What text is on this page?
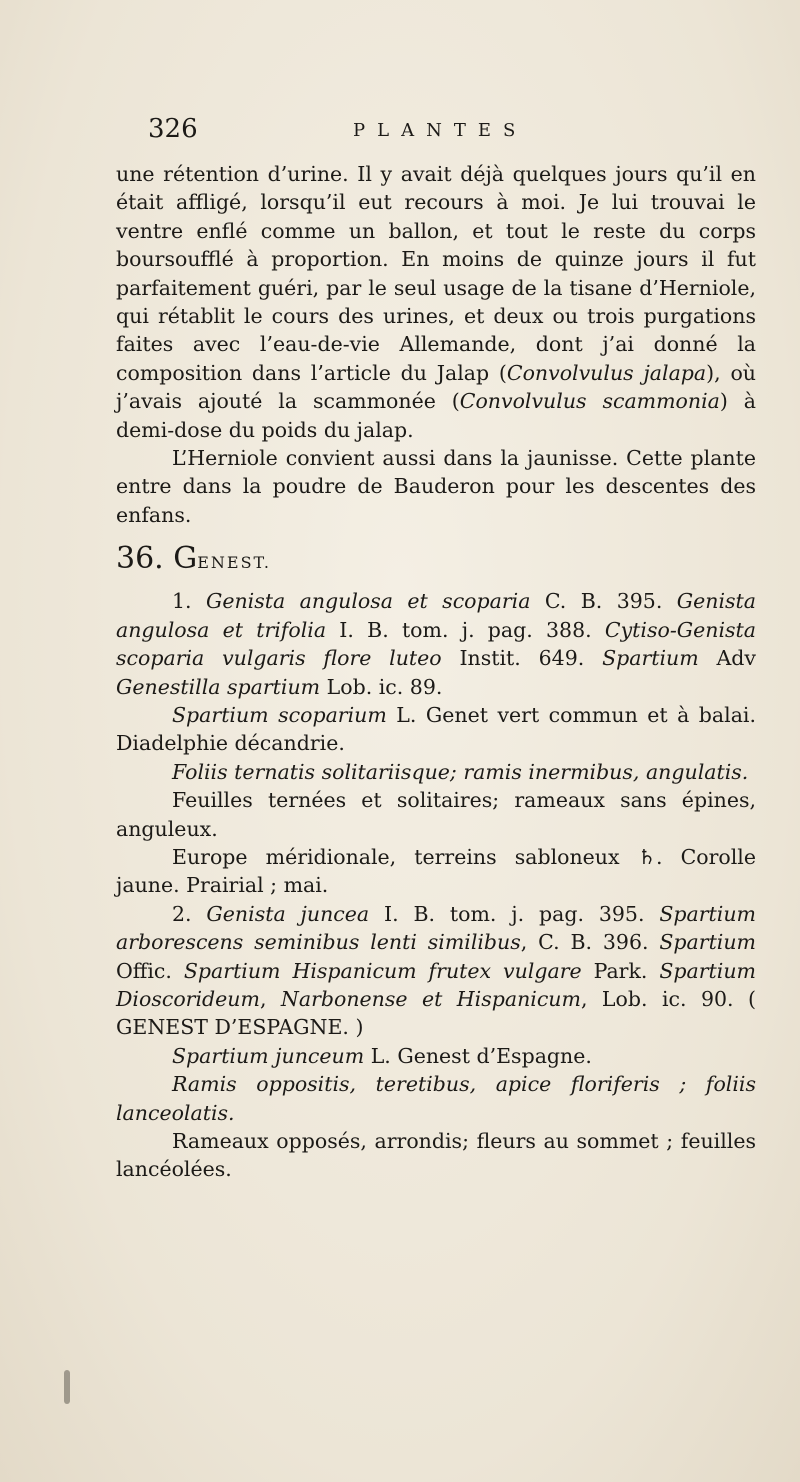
326	PLANTES

une rétention d’urine. Il y avait déjà quelques jours qu’il en était affligé, lorsqu’il eut recours à moi. Je lui trouvai le ventre enflé comme un ballon, et tout le reste du corps boursoufflé à proportion. En moins de quinze jours il fut parfaitement guéri, par le seul usage de la tisane d’Herniole, qui rétablit le cours des urines, et deux ou trois purgations faites avec l’eau-de-vie Allemande, dont j’ai donné la composition dans l’article du Jalap (Convolvulus jalapa), où j’avais ajouté la scammonée (Convolvulus scammonia) à demi-dose du poids du jalap.

L’Herniole convient aussi dans la jaunisse. Cette plante entre dans la poudre de Bauderon pour les descentes des enfans.

36. GENEST.

1. Genista angulosa et scoparia C. B. 395. Genista angulosa et trifolia I. B. tom. j. pag. 388. Cytiso-Genista scoparia vulgaris flore luteo Instit. 649. Spartium Adv Genestilla spartium Lob. ic. 89.

Spartium scoparium L. Genet vert commun et à balai. Diadelphie décandrie.

Foliis ternatis solitariisque; ramis inermibus, angulatis.

Feuilles ternées et solitaires; rameaux sans épines, anguleux.

Europe méridionale, terreins sabloneux ♄. Corolle jaune. Prairial ; mai.

2. Genista juncea I. B. tom. j. pag. 395. Spartium arborescens seminibus lenti similibus, C. B. 396. Spartium Offic. Spartium Hispanicum frutex vulgare Park. Spartium Dioscorideum, Narbonense et Hispanicum, Lob. ic. 90. ( GENEST D’ESPAGNE. )

Spartium junceum L. Genest d’Espagne.

Ramis oppositis, teretibus, apice floriferis ; foliis lanceolatis.

Rameaux opposés, arrondis; fleurs au sommet ; feuilles lancéolées.
